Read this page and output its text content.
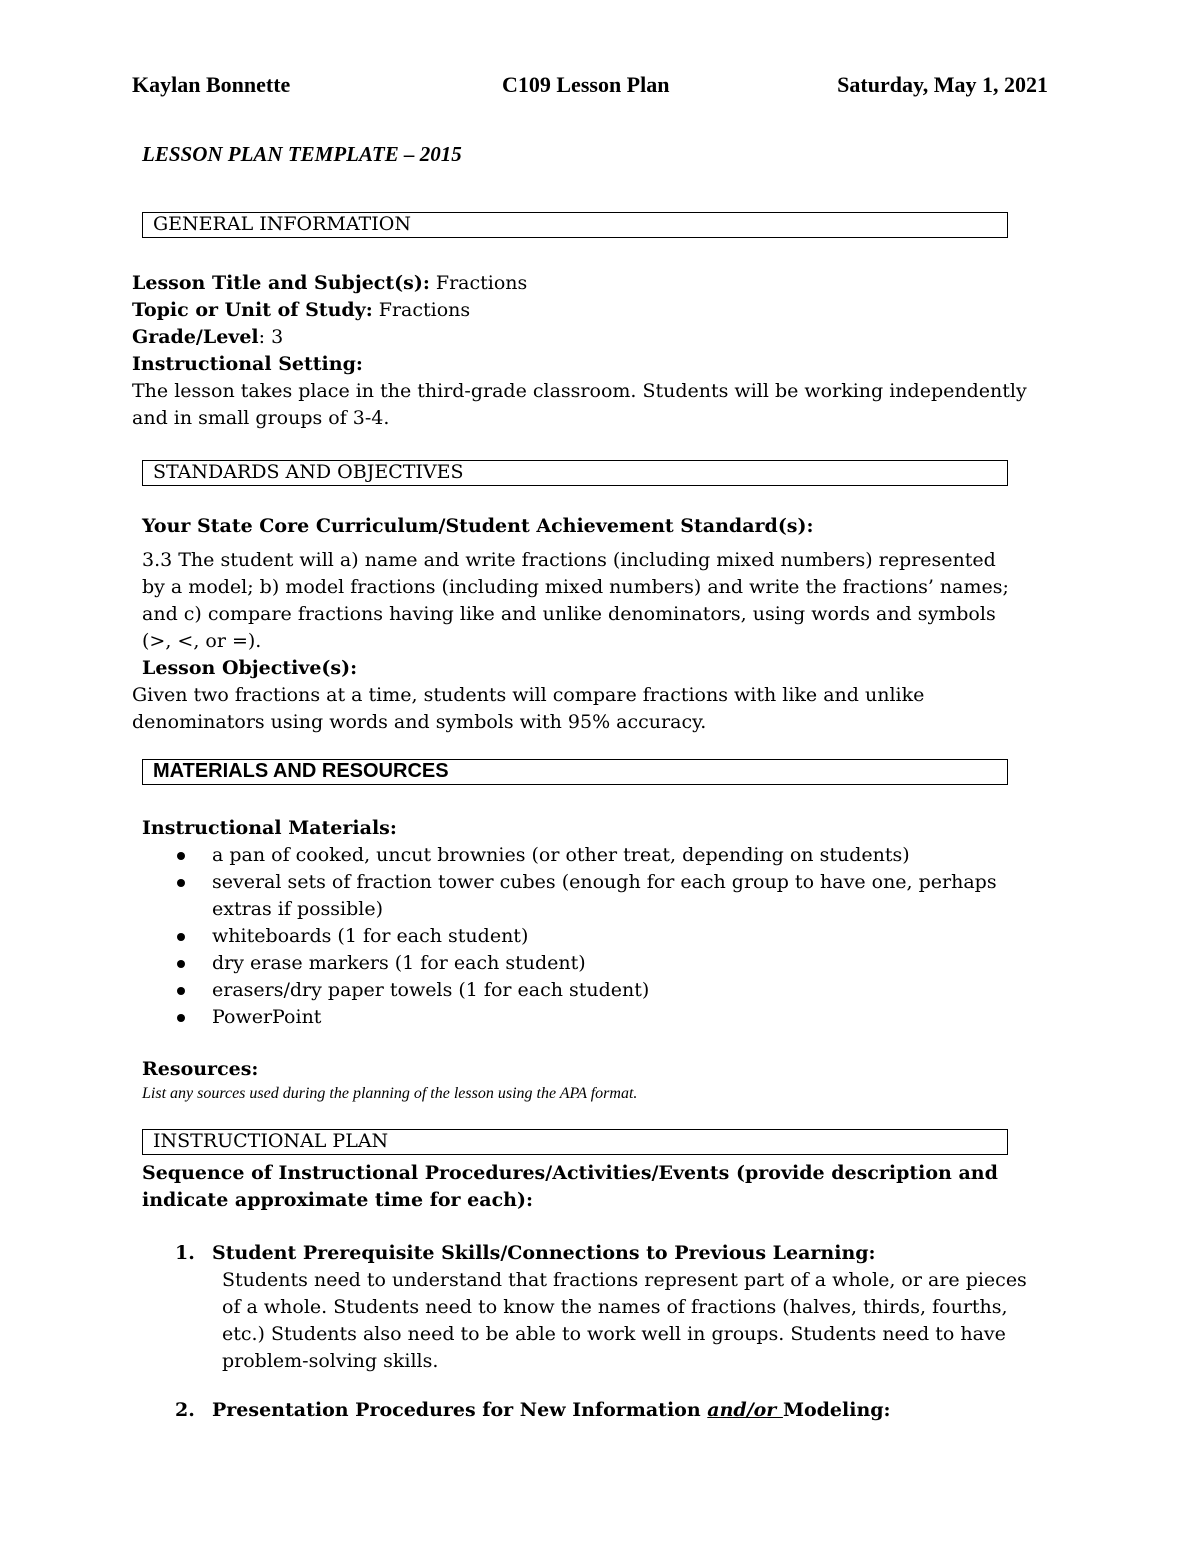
Kaylan Bonnette	C109 Lesson Plan	Saturday, May 1, 2021
LESSON PLAN TEMPLATE – 2015
GENERAL INFORMATION
Lesson Title and Subject(s): Fractions
Topic or Unit of Study: Fractions
Grade/Level: 3
Instructional Setting:
The lesson takes place in the third-grade classroom. Students will be working independently and in small groups of 3-4.
STANDARDS AND OBJECTIVES
Your State Core Curriculum/Student Achievement Standard(s):
3.3 The student will a) name and write fractions (including mixed numbers) represented by a model; b) model fractions (including mixed numbers) and write the fractions’ names; and c) compare fractions having like and unlike denominators, using words and symbols (>, <, or =).
Lesson Objective(s):
Given two fractions at a time, students will compare fractions with like and unlike denominators using words and symbols with 95% accuracy.
MATERIALS AND RESOURCES
Instructional Materials:
a pan of cooked, uncut brownies (or other treat, depending on students)
several sets of fraction tower cubes (enough for each group to have one, perhaps extras if possible)
whiteboards (1 for each student)
dry erase markers (1 for each student)
erasers/dry paper towels (1 for each student)
PowerPoint
Resources:
List any sources used during the planning of the lesson using the APA format.
INSTRUCTIONAL PLAN
Sequence of Instructional Procedures/Activities/Events (provide description and indicate approximate time for each):
1. Student Prerequisite Skills/Connections to Previous Learning:
Students need to understand that fractions represent part of a whole, or are pieces of a whole. Students need to know the names of fractions (halves, thirds, fourths, etc.) Students also need to be able to work well in groups. Students need to have problem-solving skills.
2. Presentation Procedures for New Information and/or Modeling:
